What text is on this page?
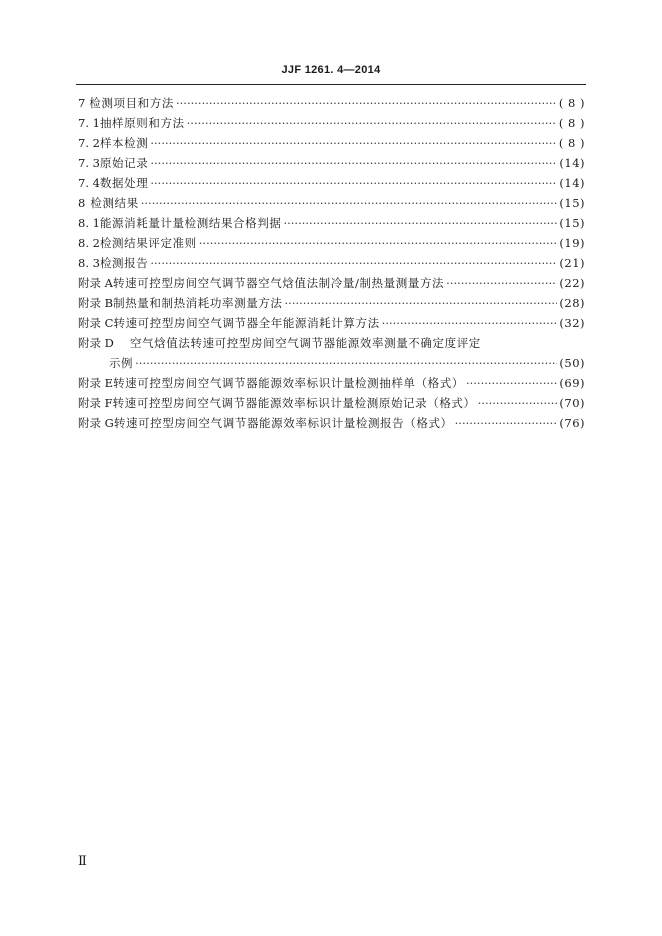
JJF 1261. 4—2014
7 检测项目和方法 ·····	( 8 )
7. 1 抽样原则和方法 ·····	( 8 )
7. 2 样本检测 ·····	( 8 )
7. 3 原始记录 ·····	(14)
7. 4 数据处理 ·····	(14)
8 检测结果 ·····	(15)
8. 1 能源消耗量计量检测结果合格判据 ·····	(15)
8. 2 检测结果评定准则 ·····	(19)
8. 3 检测报告 ·····	(21)
附录 A 转速可控型房间空气调节器空气焓值法制冷量/制热量测量方法 ·····	(22)
附录 B 制热量和制热消耗功率测量方法 ·····	(28)
附录 C 转速可控型房间空气调节器全年能源消耗计算方法 ·····	(32)
附录 D	空气焓值法转速可控型房间空气调节器能源效率测量不确定度评定
示例 ·····	(50)
附录 E 转速可控型房间空气调节器能源效率标识计量检测抽样单（格式） ·····	(69)
附录 F 转速可控型房间空气调节器能源效率标识计量检测原始记录（格式） ·····	(70)
附录 G 转速可控型房间空气调节器能源效率标识计量检测报告（格式） ·····	(76)
Ⅱ
